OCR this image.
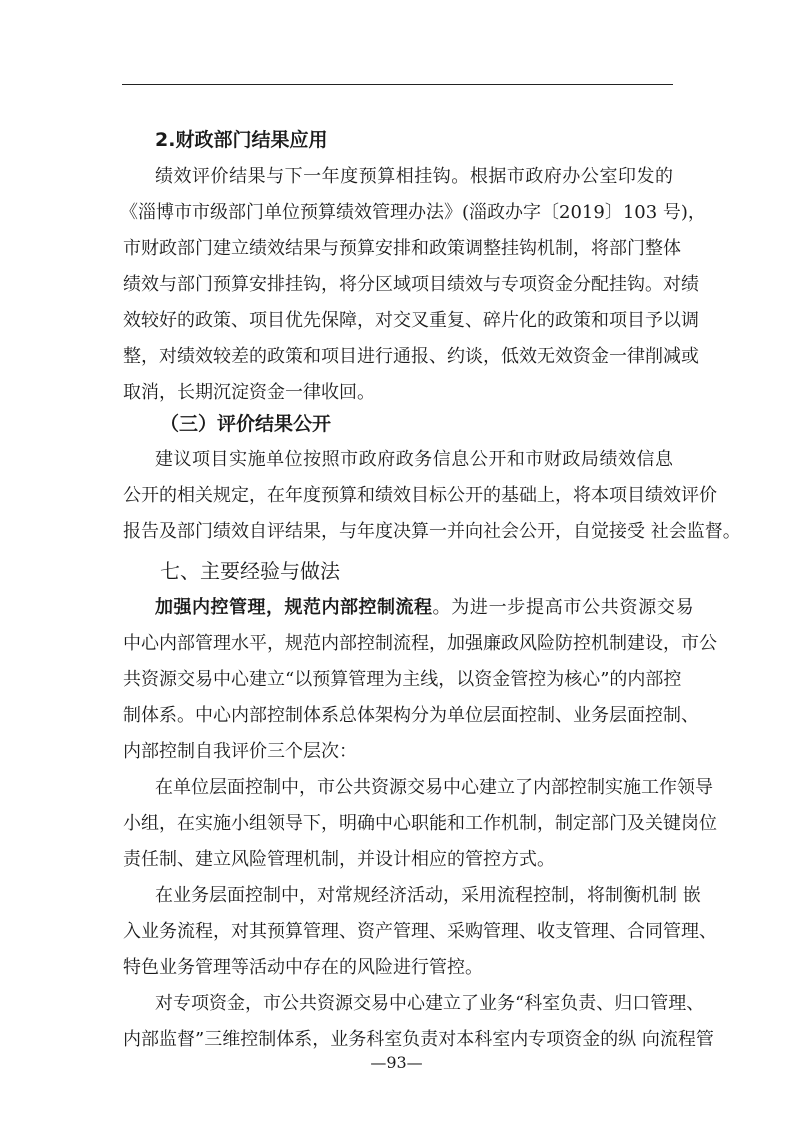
2.财政部门结果应用
绩效评价结果与下一年度预算相挂钩。根据市政府办公室印发的
《淄博市市级部门单位预算绩效管理办法》(淄政办字〔2019〕103 号)，
市财政部门建立绩效结果与预算安排和政策调整挂钩机制，将部门整体
绩效与部门预算安排挂钩，将分区域项目绩效与专项资金分配挂钩。对绩
效较好的政策、项目优先保障，对交叉重复、碎片化的政策和项目予以调
整，对绩效较差的政策和项目进行通报、约谈，低效无效资金一律削减或
取消，长期沉淀资金一律收回。
（三）评价结果公开
建议项目实施单位按照市政府政务信息公开和市财政局绩效信息
公开的相关规定，在年度预算和绩效目标公开的基础上，将本项目绩效评价
报告及部门绩效自评结果，与年度决算一并向社会公开，自觉接受 社会监督。
七、主要经验与做法
加强内控管理，规范内部控制流程 。为进一步提高市公共资源交易
中心内部管理水平，规范内部控制流程，加强廉政风险防控机制建设，市公
共资源交易中心建立“以预算管理为主线，以资金管控为核心”的内部控
制体系。中心内部控制体系总体架构分为单位层面控制、业务层面控制、
内部控制自我评价三个层次：
在单位层面控制中，市公共资源交易中心建立了内部控制实施工作领导
小组，在实施小组领导下，明确中心职能和工作机制，制定部门及关键岗位
责任制、建立风险管理机制，并设计相应的管控方式。
在业务层面控制中，对常规经济活动，采用流程控制，将制衡机制 嵌
入业务流程，对其预算管理、资产管理、采购管理、收支管理、合同管理、
特色业务管理等活动中存在的风险进行管控。
对专项资金，市公共资源交易中心建立了业务“科室负责、归口管理、
内部监督”三维控制体系，业务科室负责对本科室内专项资金的纵 向流程管
—93—
